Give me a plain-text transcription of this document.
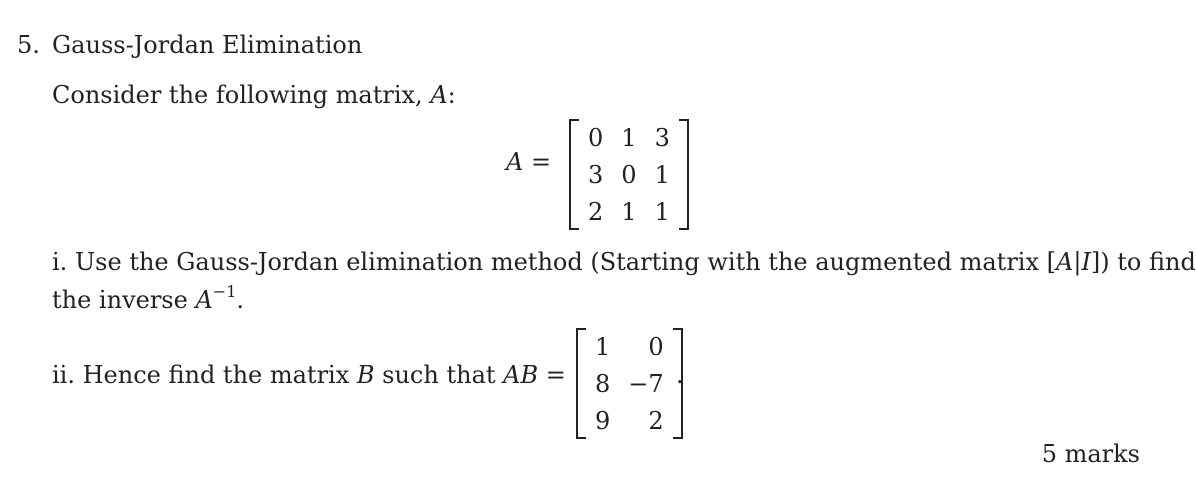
5. Gauss-Jordan Elimination
Consider the following matrix, A:
A =
0	1	3
3	0	1
2	1	1
i. Use the Gauss-Jordan elimination method (Starting with the augmented matrix [A|I]) to find
the inverse $A^{-1}$.
ii. Hence find the matrix B such that AB =
1	0
8	−7
9	2
.
5 marks
